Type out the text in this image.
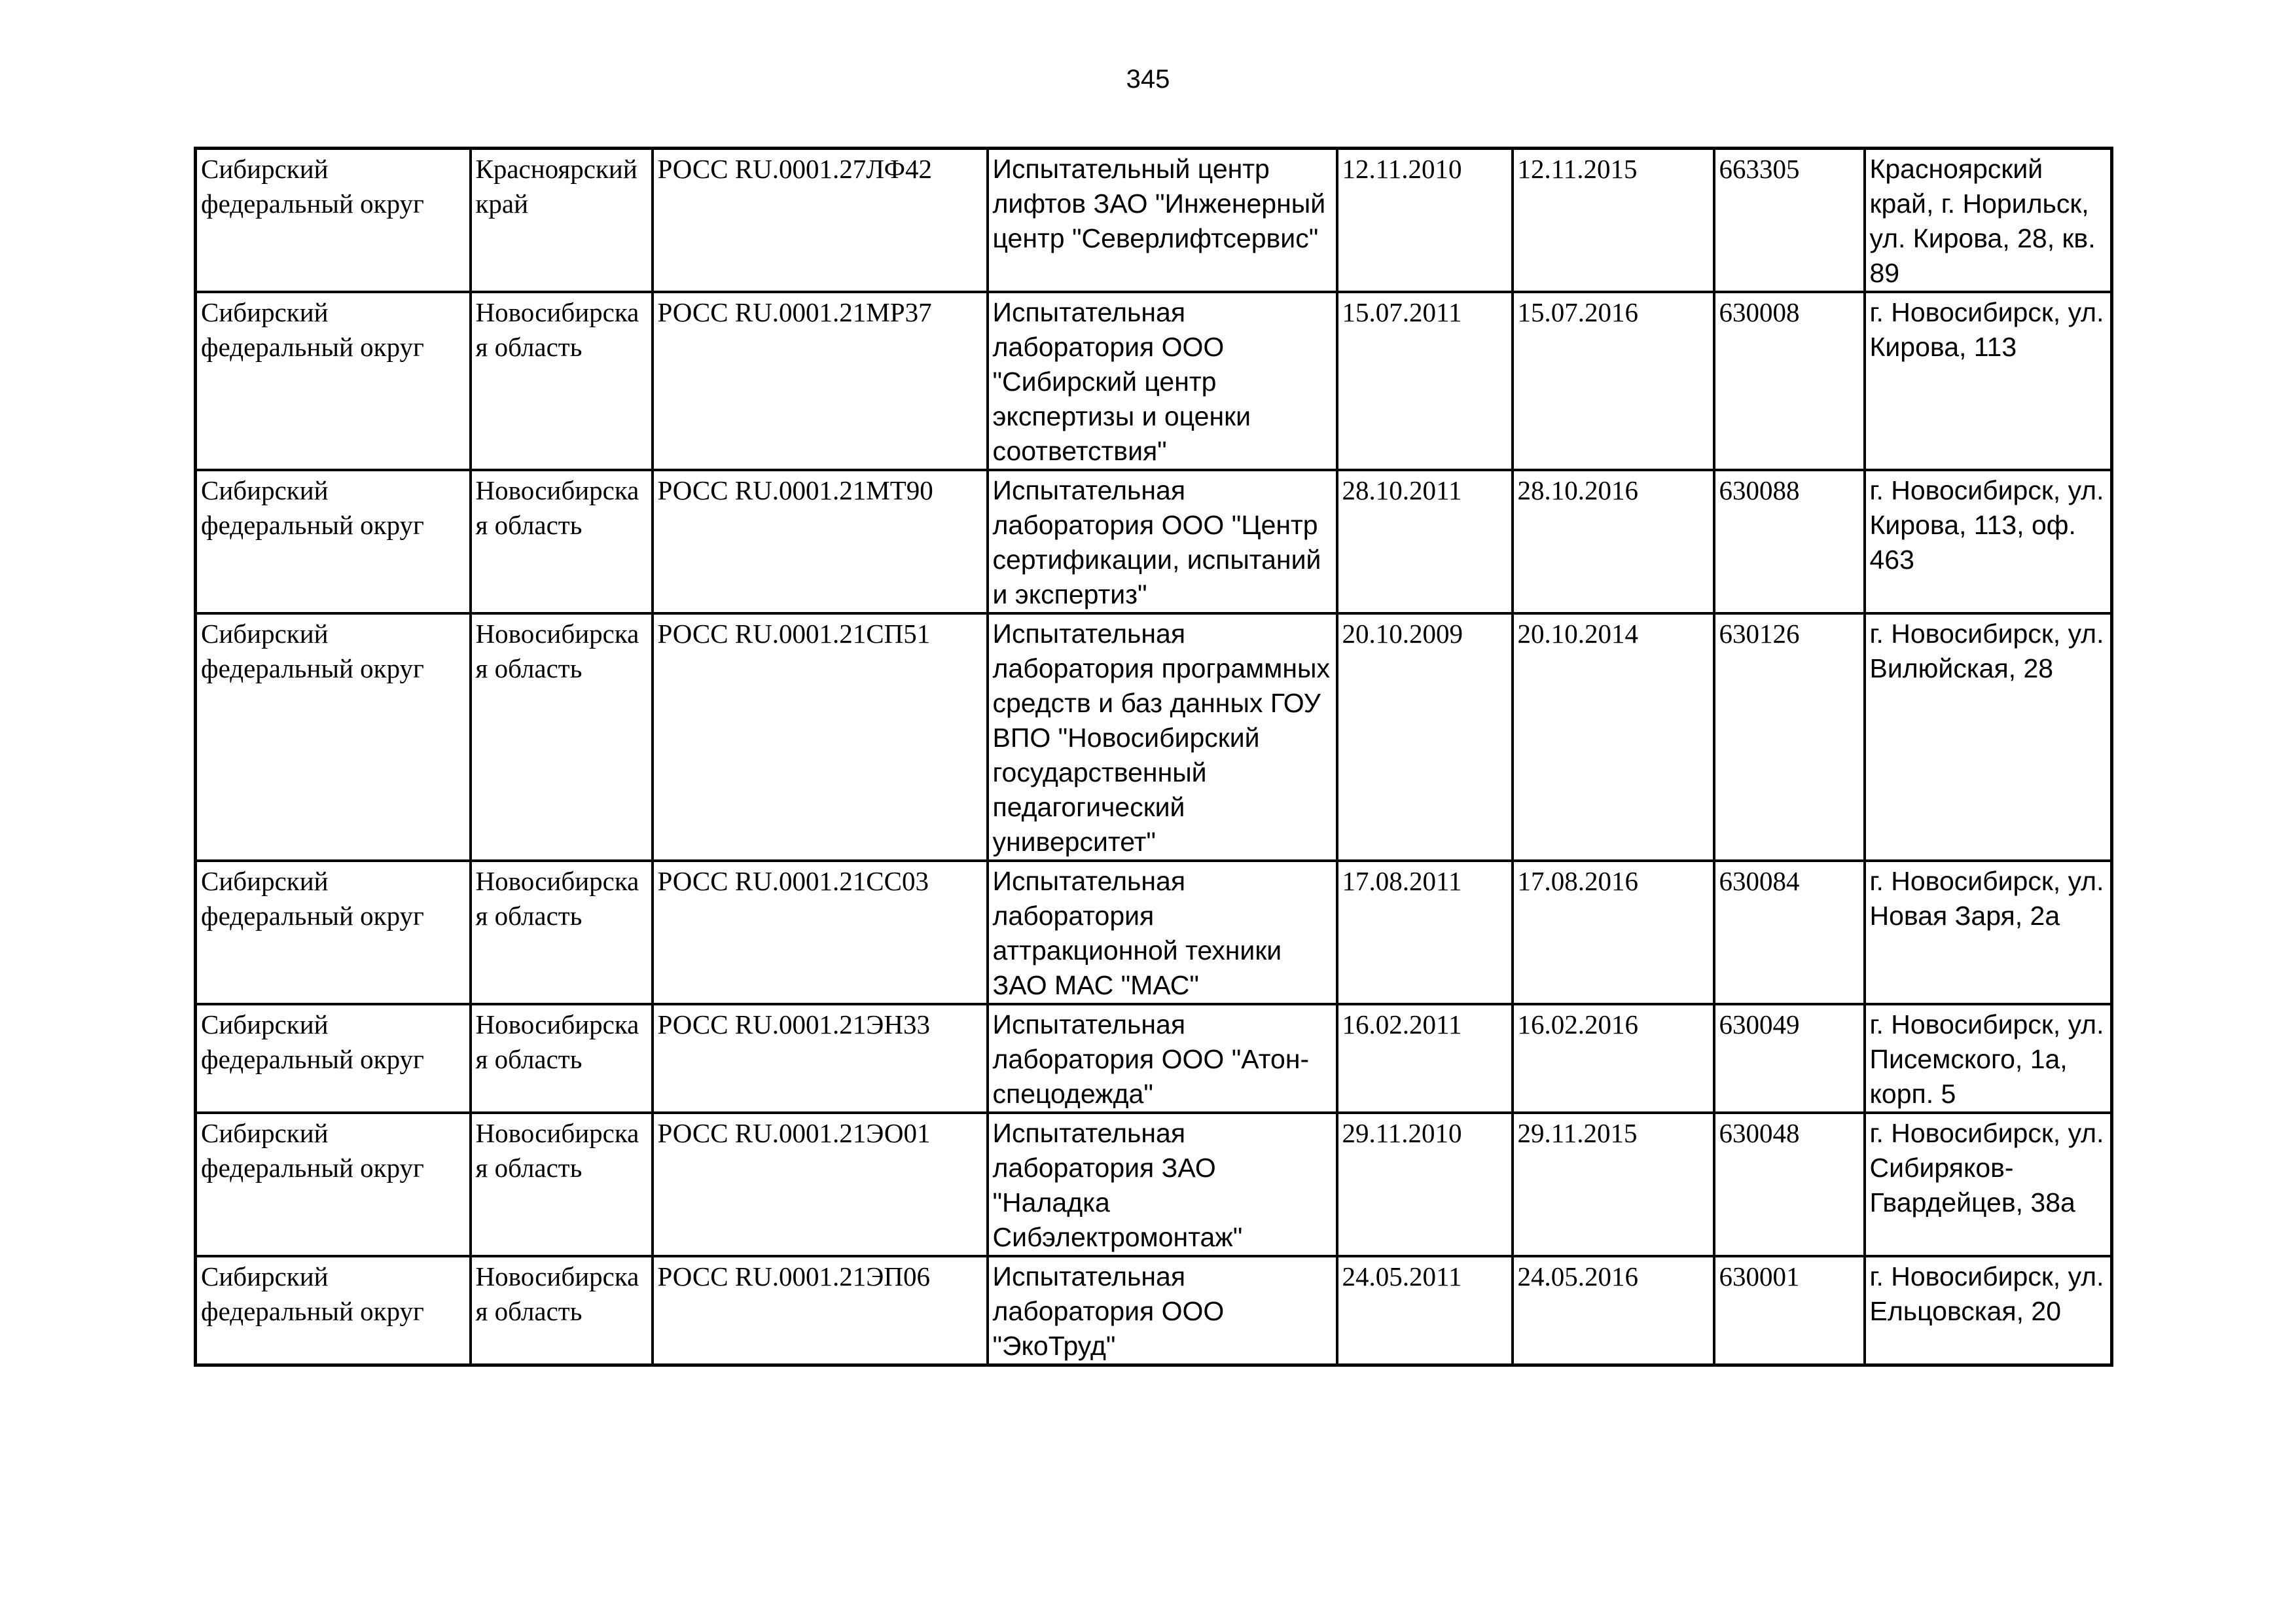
345
Сибирский федеральный округ	Красноярский край	РОСС RU.0001.27ЛФ42	Испытательный центр лифтов ЗАО "Инженерный центр "Северлифтсервис"	12.11.2010	12.11.2015	663305	Красноярский край, г. Норильск, ул. Кирова, 28, кв. 89
Сибирский федеральный округ	Новосибирская область	РОСС RU.0001.21МР37	Испытательная лаборатория ООО "Сибирский центр экспертизы и оценки соответствия"	15.07.2011	15.07.2016	630008	г. Новосибирск, ул. Кирова, 113
Сибирский федеральный округ	Новосибирская область	РОСС RU.0001.21МТ90	Испытательная лаборатория ООО "Центр сертификации, испытаний и экспертиз"	28.10.2011	28.10.2016	630088	г. Новосибирск, ул. Кирова, 113, оф. 463
Сибирский федеральный округ	Новосибирская область	РОСС RU.0001.21СП51	Испытательная лаборатория программных средств и баз данных ГОУ ВПО "Новосибирский государственный педагогический университет"	20.10.2009	20.10.2014	630126	г. Новосибирск, ул. Вилюйская, 28
Сибирский федеральный округ	Новосибирская область	РОСС RU.0001.21СС03	Испытательная лаборатория аттракционной техники ЗАО МАС "МАС"	17.08.2011	17.08.2016	630084	г. Новосибирск, ул. Новая Заря, 2а
Сибирский федеральный округ	Новосибирская область	РОСС RU.0001.21ЭН33	Испытательная лаборатория ООО "Атон-спецодежда"	16.02.2011	16.02.2016	630049	г. Новосибирск, ул. Писемского, 1а, корп. 5
Сибирский федеральный округ	Новосибирская область	РОСС RU.0001.21ЭО01	Испытательная лаборатория ЗАО "Наладка Сибэлектромонтаж"	29.11.2010	29.11.2015	630048	г. Новосибирск, ул. Сибиряков-Гвардейцев, 38а
Сибирский федеральный округ	Новосибирская область	РОСС RU.0001.21ЭП06	Испытательная лаборатория ООО "ЭкоТруд"	24.05.2011	24.05.2016	630001	г. Новосибирск, ул. Ельцовская, 20
